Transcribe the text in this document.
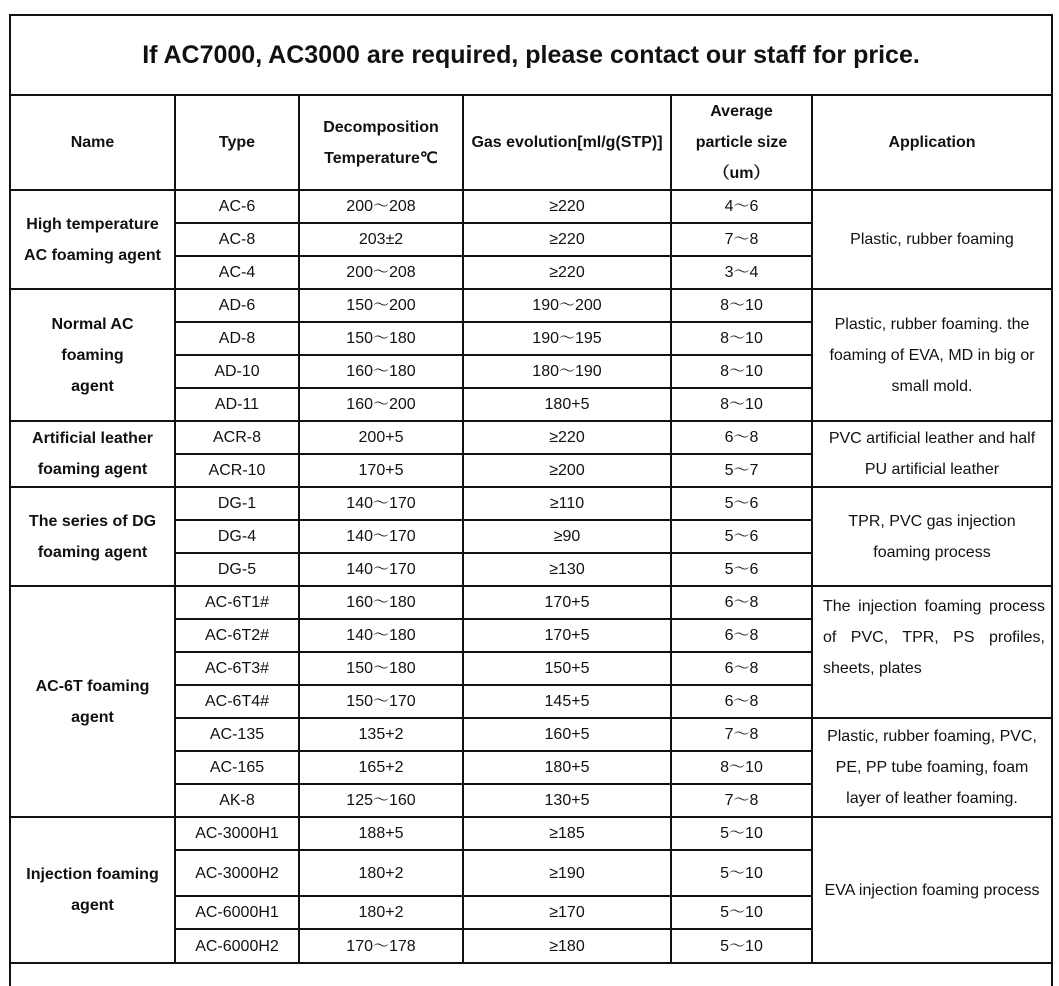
If AC7000, AC3000 are required, please contact our staff for price.					
Name	Type	Decomposition Temperature℃	Gas evolution[ml/g(STP)]	Average particle size （um）	Application
High temperature AC foaming agent	AC-6	200～208	≥220	4～6	Plastic, rubber foaming
	AC-8	203±2	≥220	7～8	
	AC-4	200～208	≥220	3～4	
Normal AC foaming agent	AD-6	150～200	190～200	8～10	Plastic, rubber foaming. the foaming of EVA, MD in big or small mold.
	AD-8	150～180	190～195	8～10	
	AD-10	160～180	180～190	8～10	
	AD-11	160～200	180+5	8～10	
Artificial leather foaming agent	ACR-8	200+5	≥220	6～8	PVC artificial leather and half PU artificial leather
	ACR-10	170+5	≥200	5～7	
The series of DG foaming agent	DG-1	140～170	≥110	5～6	TPR, PVC gas injection foaming process
	DG-4	140～170	≥90	5～6	
	DG-5	140～170	≥130	5～6	
AC-6T foaming agent	AC-6T1#	160～180	170+5	6～8	The injection foaming process of PVC, TPR, PS profiles, sheets, plates
	AC-6T2#	140～180	170+5	6～8	
	AC-6T3#	150～180	150+5	6～8	
	AC-6T4#	150～170	145+5	6～8	
	AC-135	135+2	160+5	7～8	Plastic, rubber foaming, PVC, PE, PP tube foaming, foam layer of leather foaming.
	AC-165	165+2	180+5	8～10	
	AK-8	125～160	130+5	7～8	
Injection foaming agent	AC-3000H1	188+5	≥185	5～10	EVA injection foaming process
	AC-3000H2	180+2	≥190	5～10	
	AC-6000H1	180+2	≥170	5～10	
	AC-6000H2	170～178	≥180	5～10	
